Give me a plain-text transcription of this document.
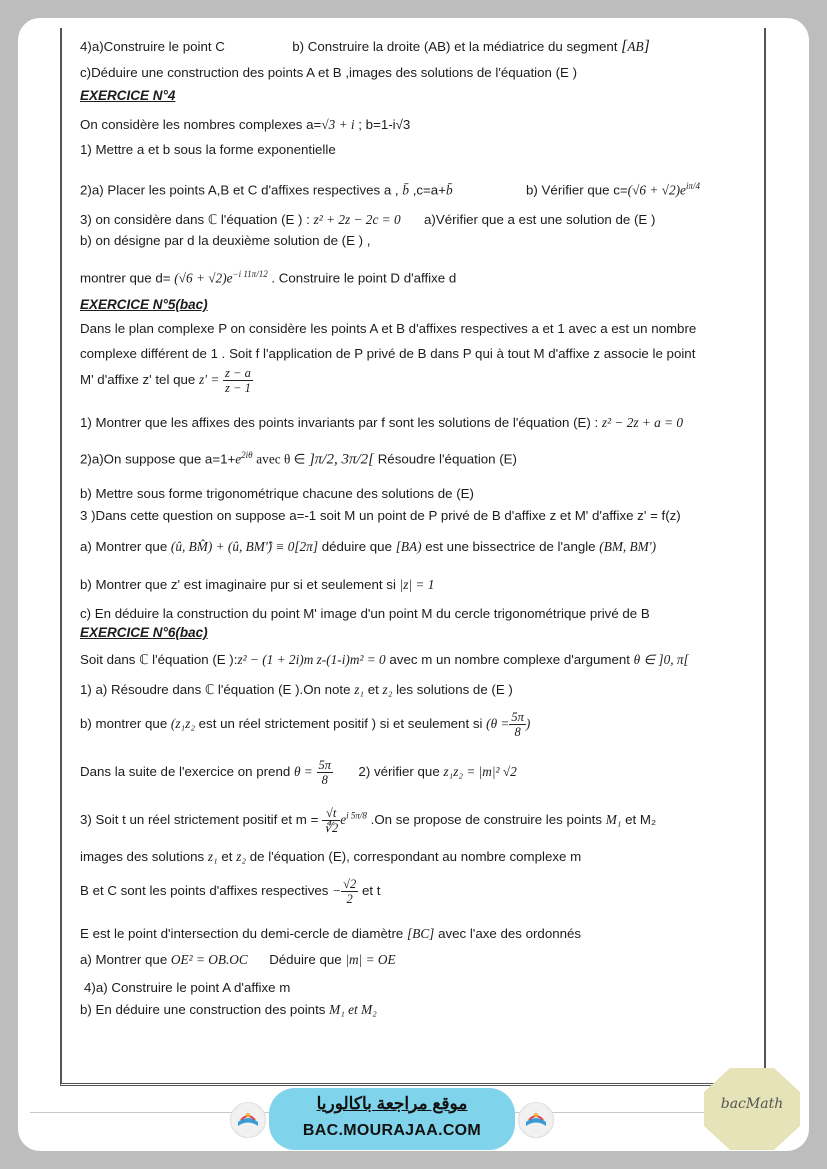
4)a)Construire le point C	b) Construire la droite (AB) et la médiatrice du segment [AB]
c)Déduire une construction des points A et B ,images des solutions de l'équation (E )
EXERCICE N°4
On considère les nombres complexes a=√3 + i ; b=1-i√3
1) Mettre a et b sous la forme exponentielle
2)a) Placer les points A,B et C d'affixes respectives a , b̄ ,c=a+b̄	b) Vérifier que $c=(√6 + √2)e^{i\pi/4}$
3) on considère dans ℂ l'équation (E ) : z² + 2z − 2c = 0 a)Vérifier que a est une solution de (E )
b) on désigne par d la deuxième solution de (E ) ,
montrer que $d= (√6 + √2)e^{-i 11\pi/12}$ . Construire le point D d'affixe d
EXERCICE N°5(bac)
Dans le plan complexe P on considère les points A et B d'affixes respectives a et 1 avec a est un nombre
complexe différent de 1 . Soit f l'application de P privé de B dans P qui à tout M d'affixe z associe le point
M' d'affixe z' tel que $z' = \frac{z - a}{z - 1}$
1) Montrer que les affixes des points invariants par f sont les solutions de l'équation (E) : z² − 2z + a = 0
2)a)On suppose que $a=1+e^{2i\theta}$ avec θ ∈ ]π/2, 3π/2[ Résoudre l'équation (E)
b) Mettre sous forme trigonométrique chacune des solutions de (E)
3 )Dans cette question on suppose a=-1 soit M un point de P privé de B d'affixe z et M' d'affixe z' = f(z)
a) Montrer que (û, BM̂) + (û, BM'̂) ≡ 0[2π] déduire que [BA) est une bissectrice de l'angle (BM, BM')
b) Montrer que z' est imaginaire pur si et seulement si |z| = 1
c) En déduire la construction du point M' image d'un point M du cercle trigonométrique privé de B
EXERCICE N°6(bac)
Soit dans ℂ l'équation (E ):z² − (1 + 2i)m z-(1-i)m² = 0 avec m un nombre complexe d'argument θ ∈ ]0, π[
1) a) Résoudre dans ℂ l'équation (E ).On note z₁ et z₂ les solutions de (E )
b) montrer que (z₁z₂ est un réel strictement positif ) si et seulement si ($\theta = \frac{5\pi}{8}$ )
Dans la suite de l'exercice on prend $\theta = \frac{5\pi}{8} 2$) vérifier que z₁z₂ = |m|² √2
3) Soit t un réel strictement positif et $m = \frac{√t}{∜2} e^{i 5\pi/8}$ .On se propose de construire les points M₁ et M₂
images des solutions z₁ et z₂ de l'équation (E), correspondant au nombre complexe m
B et C sont les points d'affixes respectives − $\frac{√2}{2}$ et t
E est le point d'intersection du demi-cercle de diamètre [BC] avec l'axe des ordonnés
a) Montrer que OE² = OB.OC Déduire que |m| = OE
4)a) Construire le point A d'affixe m
b) En déduire une construction des points M₁ et M₂
موقع مراجعة باكالوريا
BAC.MOURAJAA.COM
bacMath
